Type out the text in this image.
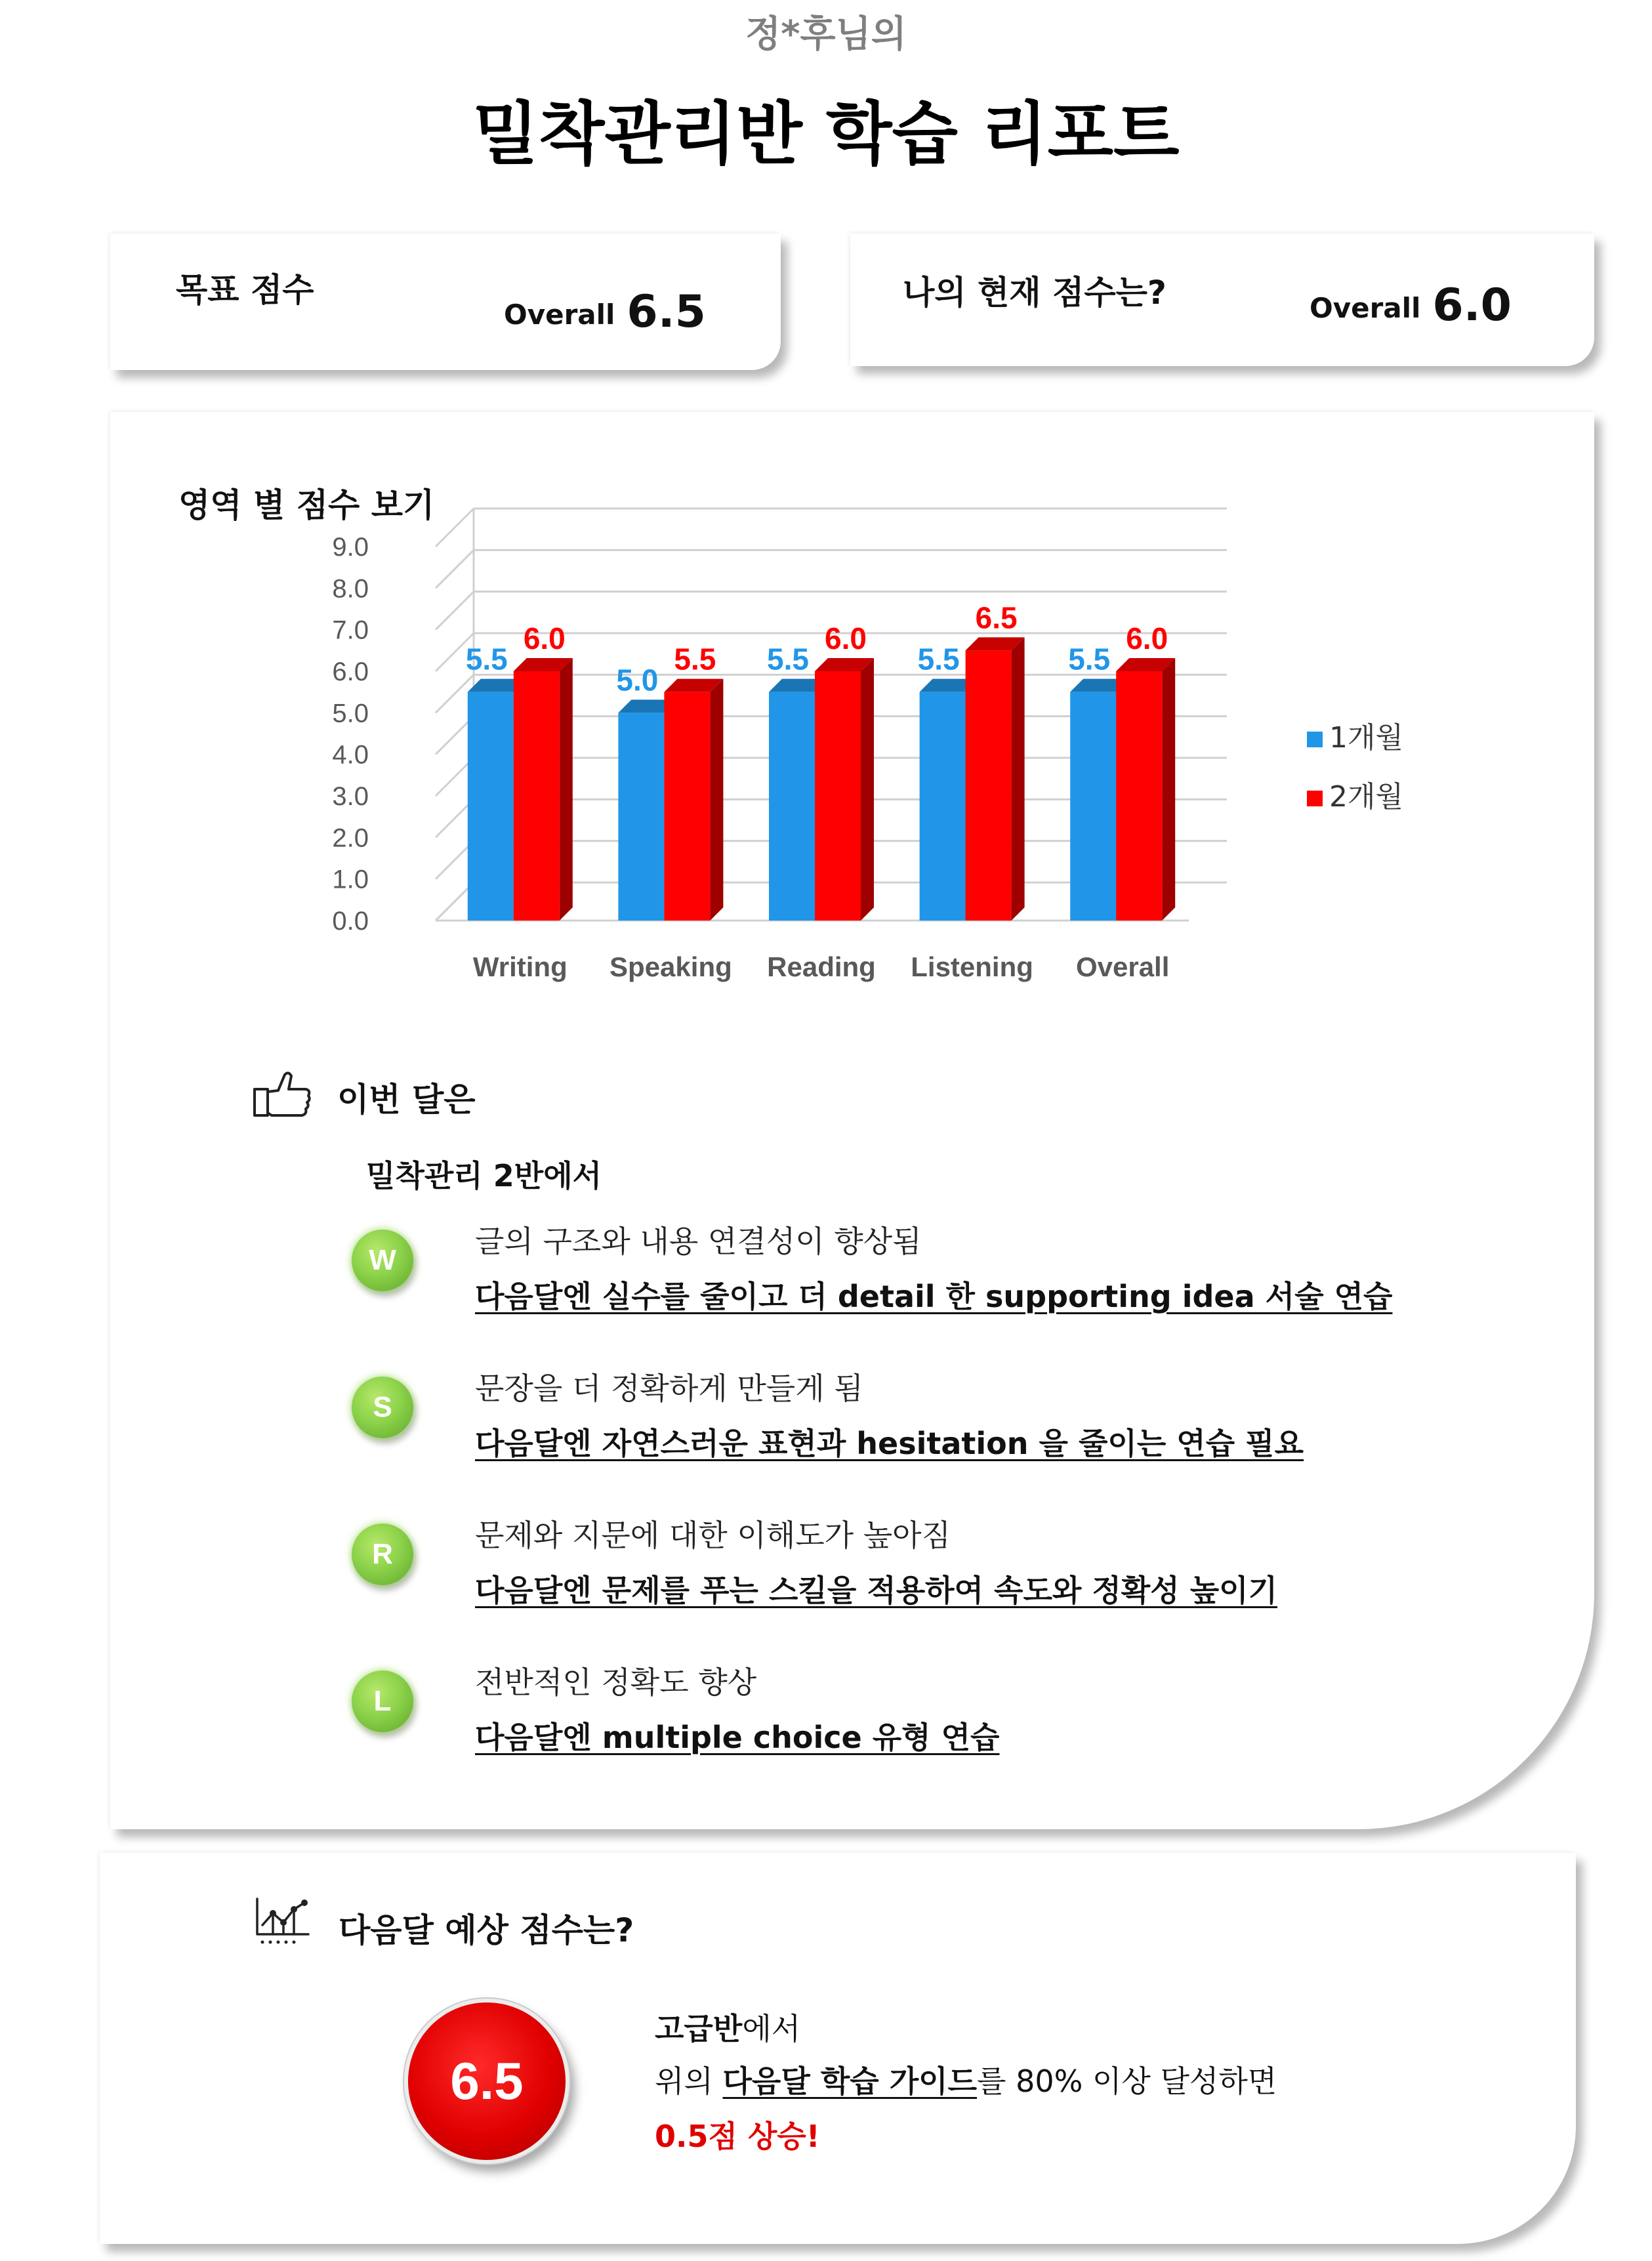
정*후님의
밀착관리반 학습 리포트
목표 점수
Overall 6.5	나의 현재 점수는?	Overall 6.0
영역 별 점수 보기
0.0
1.0
2.0
3.0
4.0
5.0
6.0
7.0
8.0
9.0
5.5
6.0
Writing
5.0
5.5
Speaking
5.5
6.0
Reading
5.5
6.5
Listening
5.5
6.0
Overall
1개월
2개월
이번 달은
밀착관리 2반에서
W
글의 구조와 내용 연결성이 향상됨
다음달엔 실수를 줄이고 더 detail 한 supporting idea 서술 연습
S
문장을 더 정확하게 만들게 됨
다음달엔 자연스러운 표현과 hesitation 을 줄이는 연습 필요
R
문제와 지문에 대한 이해도가 높아짐
다음달엔 문제를 푸는 스킬을 적용하여 속도와 정확성 높이기
L
전반적인 정확도 향상
다음달엔 multiple choice 유형 연습
다음달 예상 점수는?
6.5
고급반에서
위의 다음달 학습 가이드를 80% 이상 달성하면
0.5점 상승!
